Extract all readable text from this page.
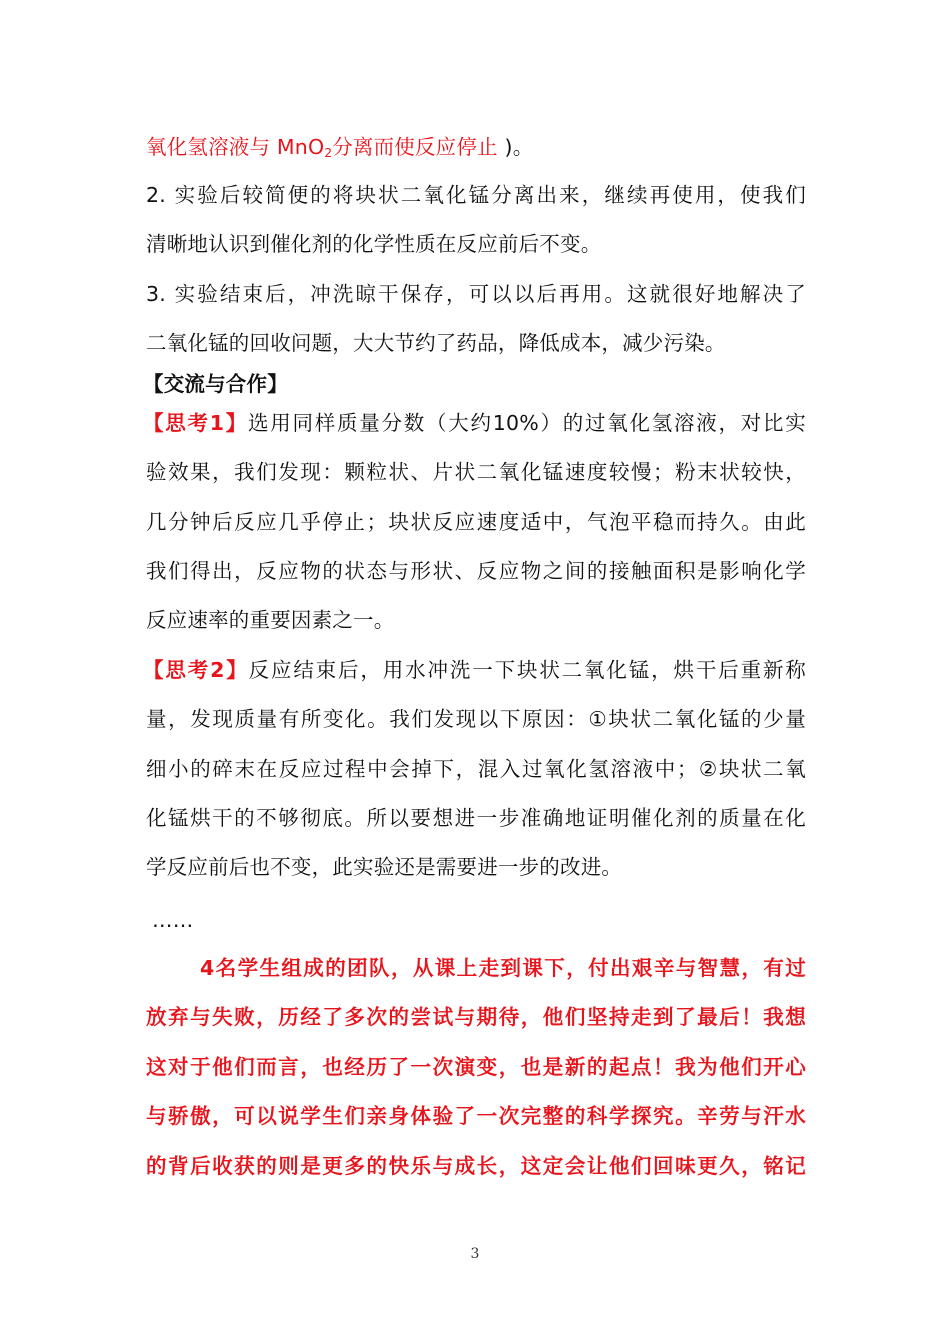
氧化氢溶液与 MnO$_2$分离而使反应停止 )。
2. 实验后较简便的将块状二氧化锰分离出来，继续再使用，使我们
清晰地认识到催化剂的化学性质在反应前后不变。
3. 实验结束后，冲洗晾干保存，可以以后再用。这就很好地解决了
二氧化锰的回收问题，大大节约了药品，降低成本，减少污染。
【交流与合作】
【思考1】选用同样质量分数（大约10%）的过氧化氢溶液，对比实
验效果，我们发现：颗粒状、片状二氧化锰速度较慢；粉末状较快，
几分钟后反应几乎停止；块状反应速度适中，气泡平稳而持久。由此
我们得出，反应物的状态与形状、反应物之间的接触面积是影响化学
反应速率的重要因素之一。
【思考2】反应结束后，用水冲洗一下块状二氧化锰，烘干后重新称
量，发现质量有所变化。我们发现以下原因：①块状二氧化锰的少量
细小的碎末在反应过程中会掉下，混入过氧化氢溶液中；②块状二氧
化锰烘干的不够彻底。所以要想进一步准确地证明催化剂的质量在化
学反应前后也不变，此实验还是需要进一步的改进。
……
4名学生组成的团队，从课上走到课下，付出艰辛与智慧，有过
放弃与失败，历经了多次的尝试与期待，他们坚持走到了最后！我想
这对于他们而言，也经历了一次演变，也是新的起点！我为他们开心
与骄傲，可以说学生们亲身体验了一次完整的科学探究。辛劳与汗水
的背后收获的则是更多的快乐与成长，这定会让他们回味更久，铭记
3
